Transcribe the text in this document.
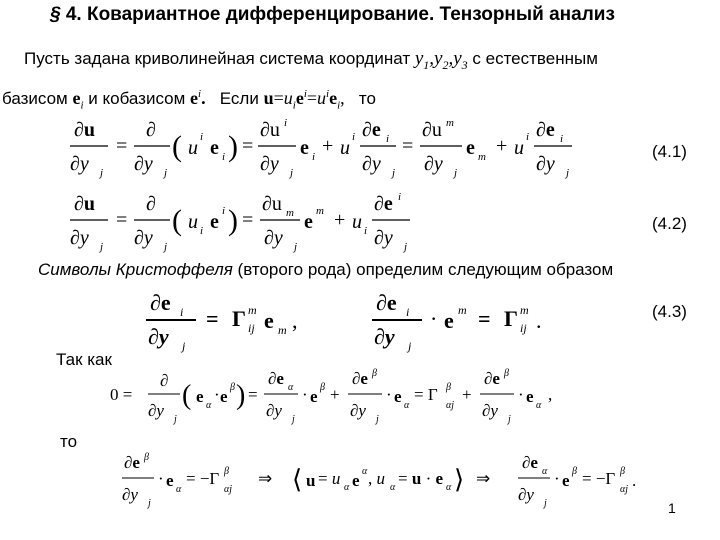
§ 4. Ковариантное дифференцирование. Тензорный анализ
Пусть задана криволинейная система координат $y_1,y_2,y_3$ с естественным
базисом $e_i$ и кобазисом $e^i$. Если $u=u_ie^i=u^ie_i$, то
∂u
∂y j
=
∂
∂y j
( u i e i ) =
∂u i
∂y j
e i + u i ∂e i
∂y j
=
∂u m
∂y j
e m + u i ∂e i
∂y j
(4.1)
∂u
∂y j
=
∂
∂y j
( u i e i ) =
∂u m
∂y j
e m + u i
∂e i
∂y j
(4.2)
Символы Кристоффеля (второго рода) определим следующим образом
∂e i
∂y j
= Γ m
ij e m ,
∂e i
∂y j
· e m = Γ m
ij .	(4.3)
Так как
0 =
∂
∂y j
( e α
· e β ) =
∂e α
∂y j
· e β +
∂e β
∂y j
· e α
= Γ β
αj
+
∂e β
∂y j
· e α
,
то
∂e β
∂y j
· e α
= −Γ β
αj
⇒ ⟨ u = u α e α , u α = u · e α ⟩ ⇒
∂e α
∂y j
· e β = −Γ β
αj .
1
